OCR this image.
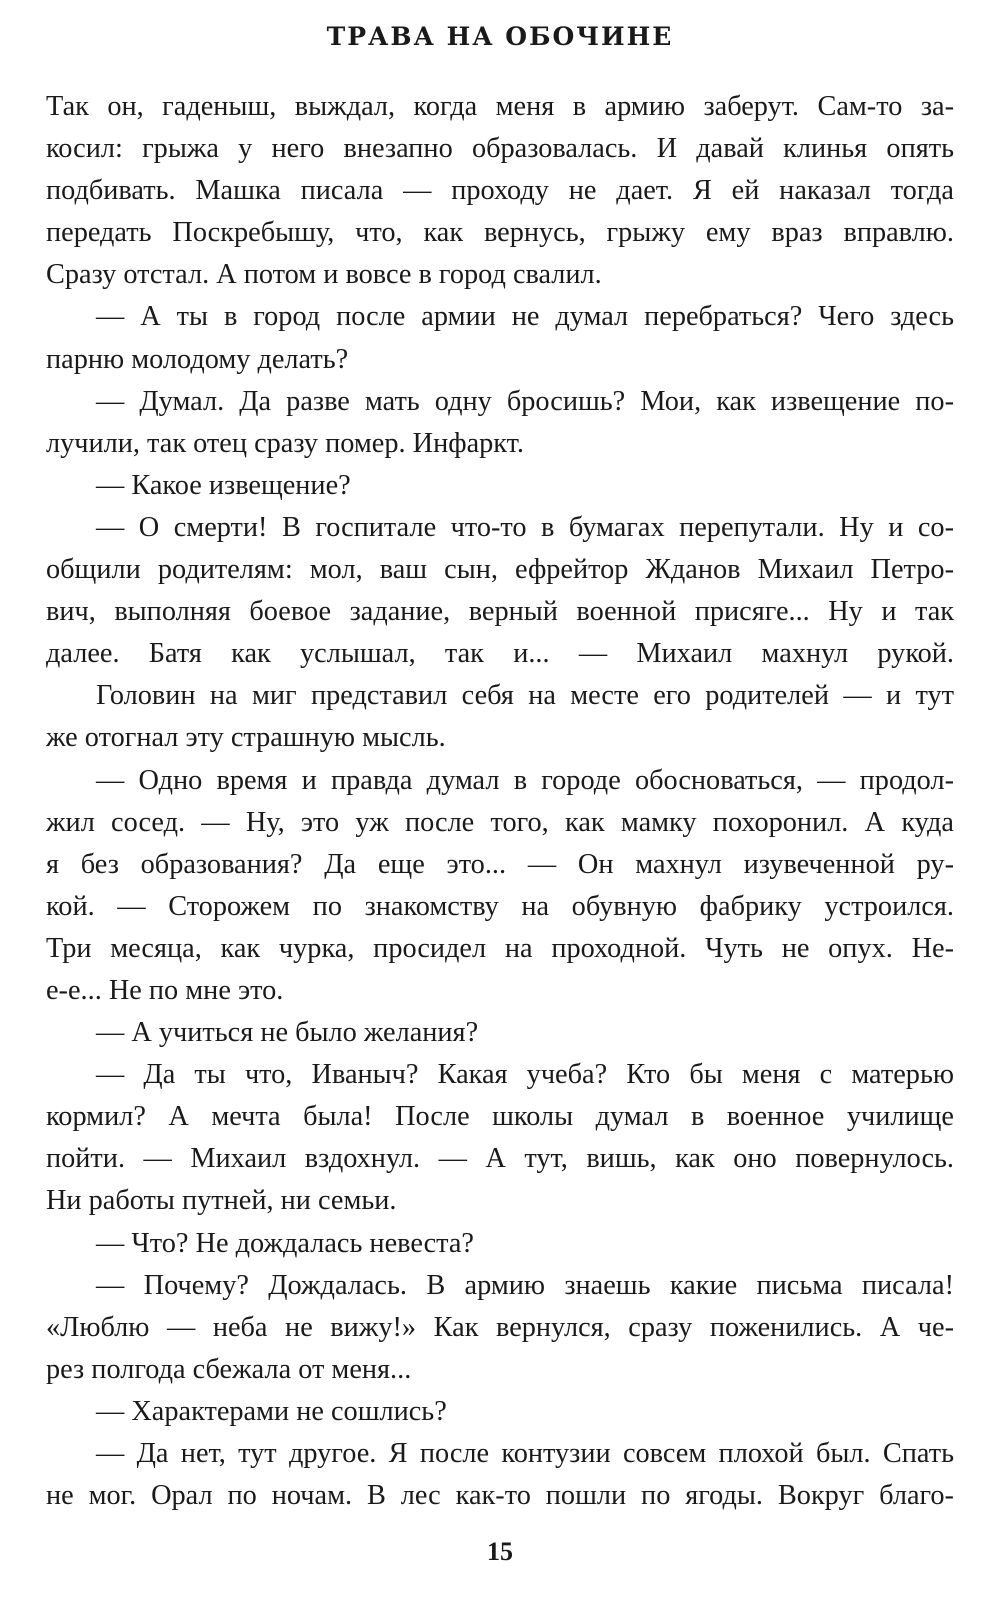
ТРАВА НА ОБОЧИНЕ
Так он, гаденыш, выждал, когда меня в армию заберут. Сам-то за-
косил: грыжа у него внезапно образовалась. И давай клинья опять
подбивать. Машка писала — проходу не дает. Я ей наказал тогда
передать Поскребышу, что, как вернусь, грыжу ему враз вправлю.
Сразу отстал. А потом и вовсе в город свалил.
— А ты в город после армии не думал перебраться? Чего здесь
парню молодому делать?
— Думал. Да разве мать одну бросишь? Мои, как извещение по-
лучили, так отец сразу помер. Инфаркт.
— Какое извещение?
— О смерти! В госпитале что-то в бумагах перепутали. Ну и со-
общили родителям: мол, ваш сын, ефрейтор Жданов Михаил Петро-
вич, выполняя боевое задание, верный военной присяге... Ну и так
далее. Батя как услышал, так и... — Михаил махнул рукой.
Головин на миг представил себя на месте его родителей — и тут
же отогнал эту страшную мысль.
— Одно время и правда думал в городе обосноваться, — продол-
жил сосед. — Ну, это уж после того, как мамку похоронил. А куда
я без образования? Да еще это... — Он махнул изувеченной ру-
кой. — Сторожем по знакомству на обувную фабрику устроился.
Три месяца, как чурка, просидел на проходной. Чуть не опух. Не-
е-е... Не по мне это.
— А учиться не было желания?
— Да ты что, Иваныч? Какая учеба? Кто бы меня с матерью
кормил? А мечта была! После школы думал в военное училище
пойти. — Михаил вздохнул. — А тут, вишь, как оно повернулось.
Ни работы путней, ни семьи.
— Что? Не дождалась невеста?
— Почему? Дождалась. В армию знаешь какие письма писала!
«Люблю — неба не вижу!» Как вернулся, сразу поженились. А че-
рез полгода сбежала от меня...
— Характерами не сошлись?
— Да нет, тут другое. Я после контузии совсем плохой был. Спать
не мог. Орал по ночам. В лес как-то пошли по ягоды. Вокруг благо-
15
